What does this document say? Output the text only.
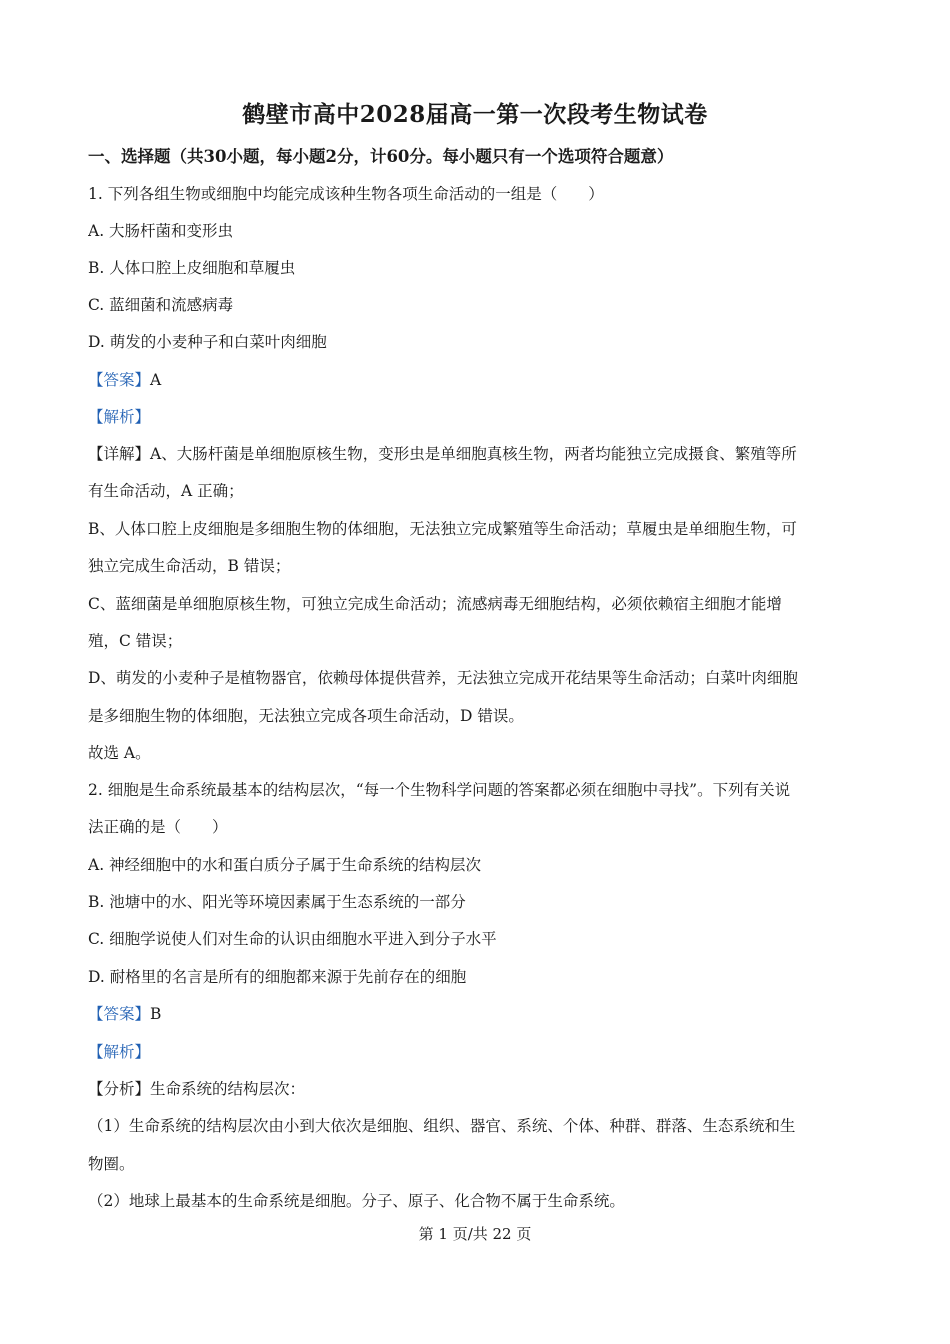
鹤壁市高中2028届高一第一次段考生物试卷
一、选择题（共30小题，每小题2分，计60分。每小题只有一个选项符合题意）
1. 下列各组生物或细胞中均能完成该种生物各项生命活动的一组是（　　）
A. 大肠杆菌和变形虫
B. 人体口腔上皮细胞和草履虫
C. 蓝细菌和流感病毒
D. 萌发的小麦种子和白菜叶肉细胞
【答案】A
【解析】
【详解】A、大肠杆菌是单细胞原核生物，变形虫是单细胞真核生物，两者均能独立完成摄食、繁殖等所
有生命活动，A 正确；
B、人体口腔上皮细胞是多细胞生物的体细胞，无法独立完成繁殖等生命活动；草履虫是单细胞生物，可
独立完成生命活动，B 错误；
C、蓝细菌是单细胞原核生物，可独立完成生命活动；流感病毒无细胞结构，必须依赖宿主细胞才能增
殖，C 错误；
D、萌发的小麦种子是植物器官，依赖母体提供营养，无法独立完成开花结果等生命活动；白菜叶肉细胞
是多细胞生物的体细胞，无法独立完成各项生命活动，D 错误。
故选 A。
2. 细胞是生命系统最基本的结构层次，“每一个生物科学问题的答案都必须在细胞中寻找”。下列有关说
法正确的是（　　）
A. 神经细胞中的水和蛋白质分子属于生命系统的结构层次
B. 池塘中的水、阳光等环境因素属于生态系统的一部分
C. 细胞学说使人们对生命的认识由细胞水平进入到分子水平
D. 耐格里的名言是所有的细胞都来源于先前存在的细胞
【答案】B
【解析】
【分析】生命系统的结构层次：
（1）生命系统的结构层次由小到大依次是细胞、组织、器官、系统、个体、种群、群落、生态系统和生
物圈。
（2）地球上最基本的生命系统是细胞。分子、原子、化合物不属于生命系统。
第 1 页/共 22 页
